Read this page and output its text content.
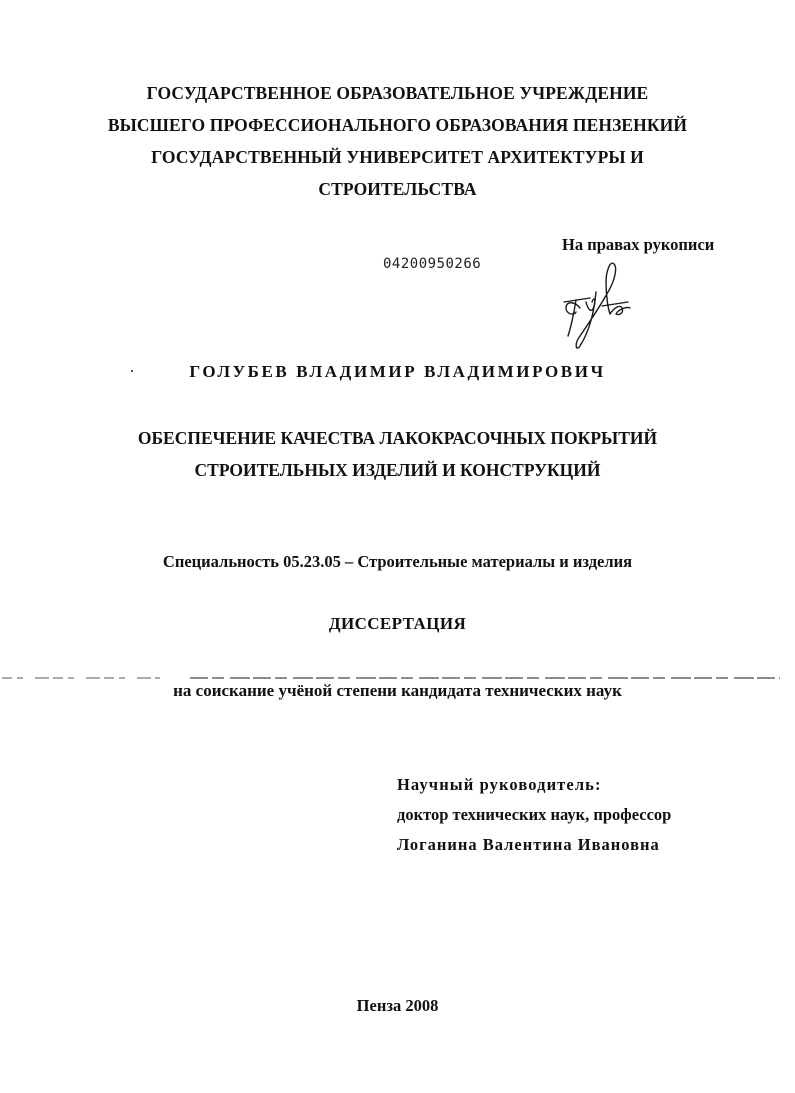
ГОСУДАРСТВЕННОЕ ОБРАЗОВАТЕЛЬНОЕ УЧРЕЖДЕНИЕ
ВЫСШЕГО ПРОФЕССИОНАЛЬНОГО ОБРАЗОВАНИЯ ПЕНЗЕНКИЙ
ГОСУДАРСТВЕННЫЙ УНИВЕРСИТЕТ АРХИТЕКТУРЫ И
СТРОИТЕЛЬСТВА
На правах рукописи
04200950266
ГОЛУБЕВ ВЛАДИМИР ВЛАДИМИРОВИЧ
ОБЕСПЕЧЕНИЕ КАЧЕСТВА ЛАКОКРАСОЧНЫХ ПОКРЫТИЙ
СТРОИТЕЛЬНЫХ ИЗДЕЛИЙ И КОНСТРУКЦИЙ
Специальность 05.23.05 – Строительные материалы и изделия
ДИССЕРТАЦИЯ
на соискание учёной степени кандидата технических наук
Научный руководитель:
доктор технических наук, профессор
Логанина Валентина Ивановна
Пенза 2008
